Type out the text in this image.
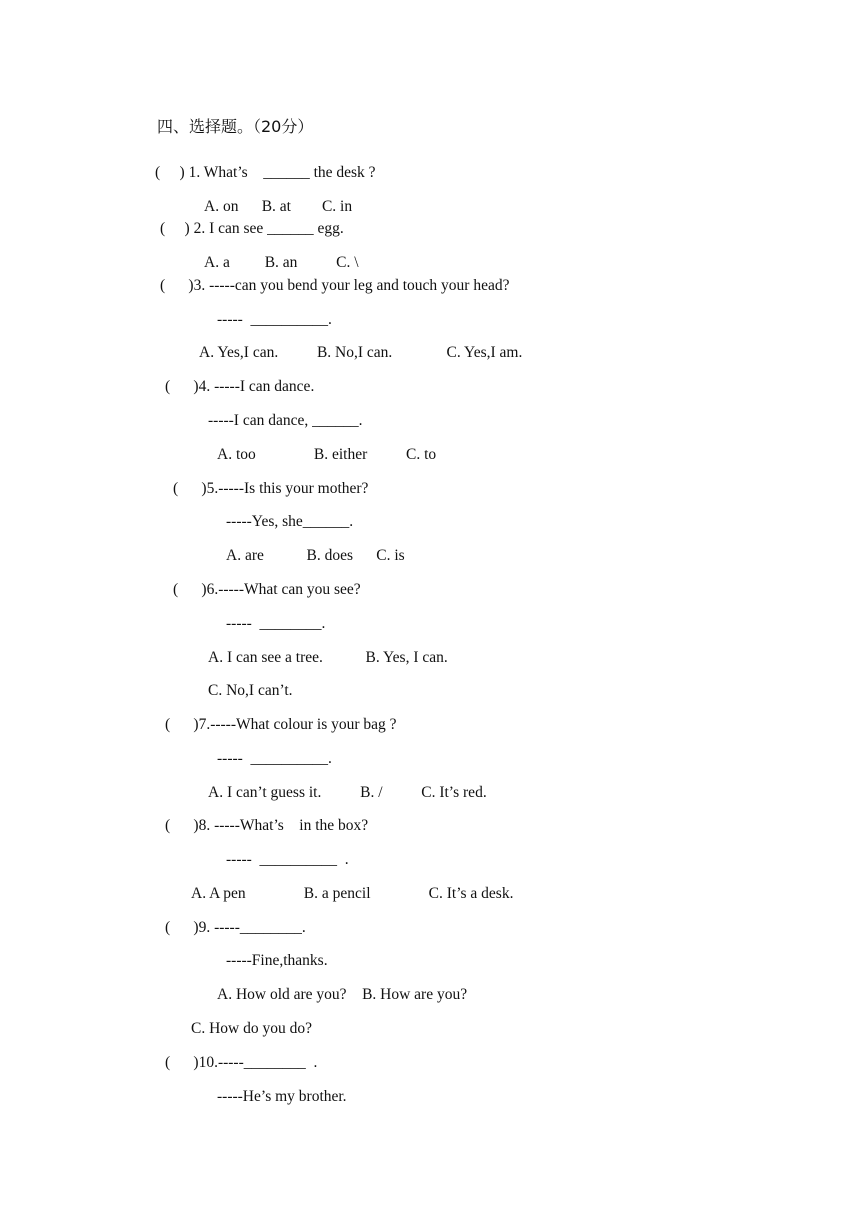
四、选择题。（20分）
(     ) 1. What’s    ______ the desk ?
A. on      B. at        C. in
(     ) 2. I can see ______ egg.
A. a         B. an          C. \
(      )3. -----can you bend your leg and touch your head?
-----  __________.
A. Yes,I can.          B. No,I can.              C. Yes,I am.
(      )4. -----I can dance.
-----I can dance, ______.
A. too               B. either          C. to
(      )5.-----Is this your mother?
-----Yes, she______.
A. are           B. does      C. is
(      )6.-----What can you see?
-----  ________.
A. I can see a tree.           B. Yes, I can.
C. No,I can’t.
(      )7.-----What colour is your bag ?
-----  __________.
A. I can’t guess it.          B. /          C. It’s red.
(      )8. -----What’s    in the box?
-----  __________  .
A. A pen               B. a pencil               C. It’s a desk.
(      )9. -----________.
-----Fine,thanks.
A. How old are you?    B. How are you?
C. How do you do?
(      )10.-----________  .
-----He’s my brother.
